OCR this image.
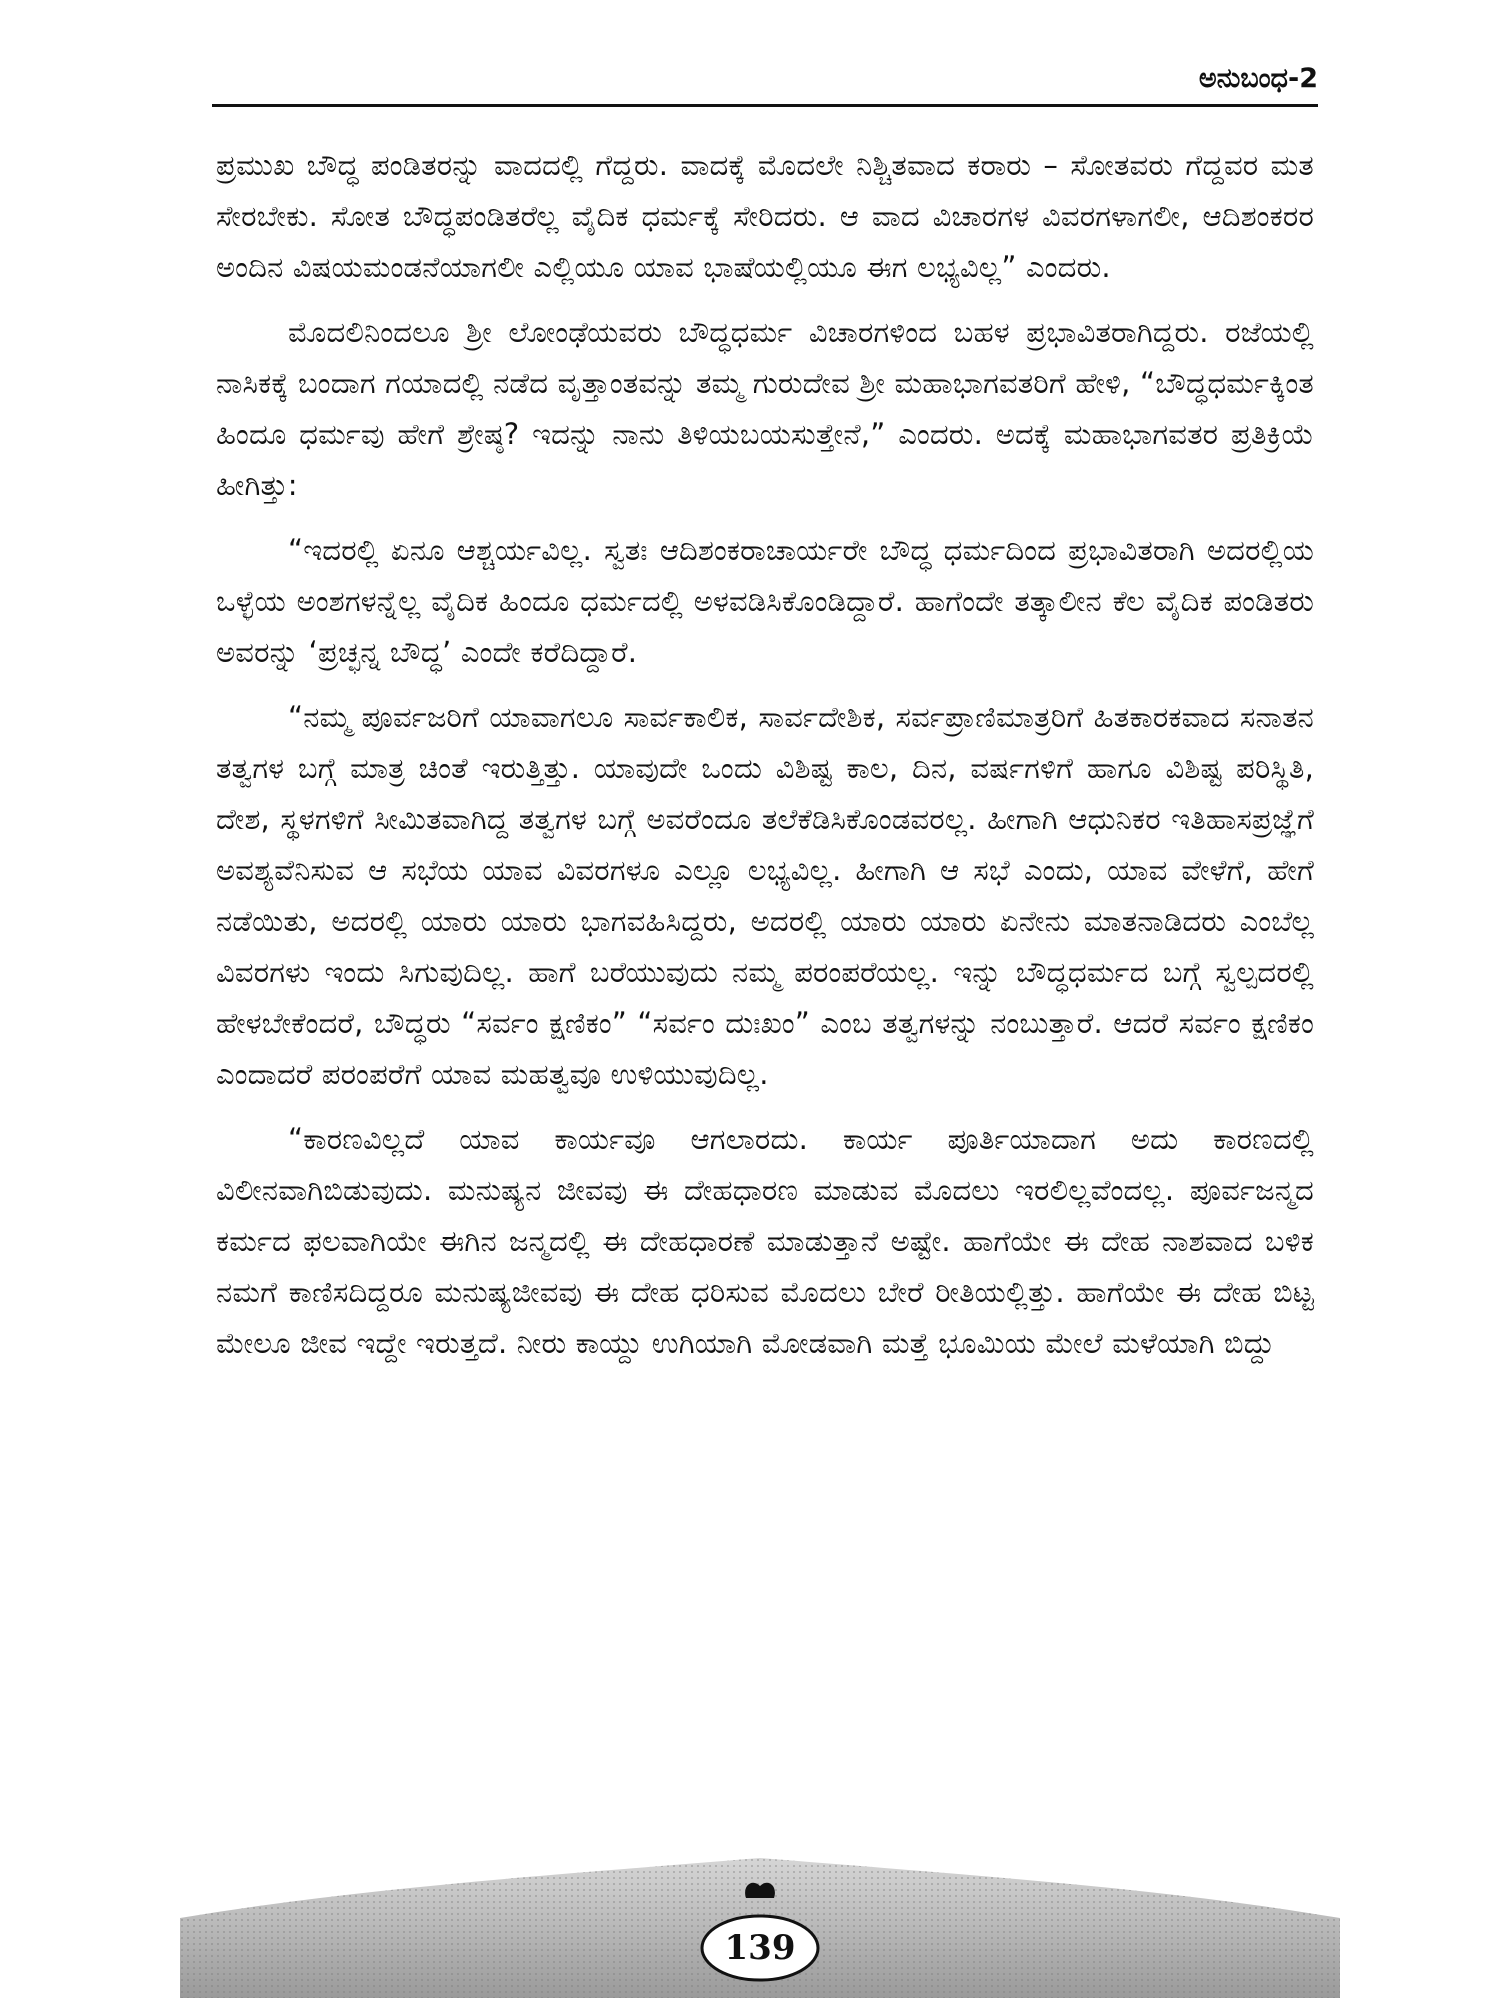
ಅನುಬಂಧ-2

ಪ್ರಮುಖ ಬೌದ್ಧ ಪಂಡಿತರನ್ನು ವಾದದಲ್ಲಿ ಗೆದ್ದರು. ವಾದಕ್ಕೆ ಮೊದಲೇ ನಿಶ್ಚಿತವಾದ ಕರಾರು – ಸೋತವರು ಗೆದ್ದವರ ಮತ ಸೇರಬೇಕು. ಸೋತ ಬೌದ್ಧಪಂಡಿತರೆಲ್ಲ ವೈದಿಕ ಧರ್ಮಕ್ಕೆ ಸೇರಿದರು. ಆ ವಾದ ವಿಚಾರಗಳ ವಿವರಗಳಾಗಲೀ, ಆದಿಶಂಕರರ ಅಂದಿನ ವಿಷಯಮಂಡನೆಯಾಗಲೀ ಎಲ್ಲಿಯೂ ಯಾವ ಭಾಷೆಯಲ್ಲಿಯೂ ಈಗ ಲಭ್ಯವಿಲ್ಲ” ಎಂದರು.

ಮೊದಲಿನಿಂದಲೂ ಶ್ರೀ ಲೋಂಢೆಯವರು ಬೌದ್ಧಧರ್ಮ ವಿಚಾರಗಳಿಂದ ಬಹಳ ಪ್ರಭಾವಿತರಾಗಿದ್ದರು. ರಜೆಯಲ್ಲಿ ನಾಸಿಕಕ್ಕೆ ಬಂದಾಗ ಗಯಾದಲ್ಲಿ ನಡೆದ ವೃತ್ತಾಂತವನ್ನು ತಮ್ಮ ಗುರುದೇವ ಶ್ರೀ ಮಹಾಭಾಗವತರಿಗೆ ಹೇಳಿ, “ಬೌದ್ಧಧರ್ಮಕ್ಕಿಂತ ಹಿಂದೂ ಧರ್ಮವು ಹೇಗೆ ಶ್ರೇಷ್ಠ? ಇದನ್ನು ನಾನು ತಿಳಿಯಬಯಸುತ್ತೇನೆ,” ಎಂದರು. ಅದಕ್ಕೆ ಮಹಾಭಾಗವತರ ಪ್ರತಿಕ್ರಿಯೆ ಹೀಗಿತ್ತು:

“ಇದರಲ್ಲಿ ಏನೂ ಆಶ್ಚರ್ಯವಿಲ್ಲ. ಸ್ವತಃ ಆದಿಶಂಕರಾಚಾರ್ಯರೇ ಬೌದ್ಧ ಧರ್ಮದಿಂದ ಪ್ರಭಾವಿತರಾಗಿ ಅದರಲ್ಲಿಯ ಒಳ್ಳೆಯ ಅಂಶಗಳನ್ನೆಲ್ಲ ವೈದಿಕ ಹಿಂದೂ ಧರ್ಮದಲ್ಲಿ ಅಳವಡಿಸಿಕೊಂಡಿದ್ದಾರೆ. ಹಾಗೆಂದೇ ತತ್ಕಾಲೀನ ಕೆಲ ವೈದಿಕ ಪಂಡಿತರು ಅವರನ್ನು ‘ಪ್ರಚ್ಛನ್ನ ಬೌದ್ಧ’ ಎಂದೇ ಕರೆದಿದ್ದಾರೆ.

“ನಮ್ಮ ಪೂರ್ವಜರಿಗೆ ಯಾವಾಗಲೂ ಸಾರ್ವಕಾಲಿಕ, ಸಾರ್ವದೇಶಿಕ, ಸರ್ವಪ್ರಾಣಿಮಾತ್ರರಿಗೆ ಹಿತಕಾರಕವಾದ ಸನಾತನ ತತ್ವಗಳ ಬಗ್ಗೆ ಮಾತ್ರ ಚಿಂತೆ ಇರುತ್ತಿತ್ತು. ಯಾವುದೇ ಒಂದು ವಿಶಿಷ್ಟ ಕಾಲ, ದಿನ, ವರ್ಷಗಳಿಗೆ ಹಾಗೂ ವಿಶಿಷ್ಟ ಪರಿಸ್ಥಿತಿ, ದೇಶ, ಸ್ಥಳಗಳಿಗೆ ಸೀಮಿತವಾಗಿದ್ದ ತತ್ವಗಳ ಬಗ್ಗೆ ಅವರೆಂದೂ ತಲೆಕೆಡಿಸಿಕೊಂಡವರಲ್ಲ. ಹೀಗಾಗಿ ಆಧುನಿಕರ ಇತಿಹಾಸಪ್ರಜ್ಞೆಗೆ ಅವಶ್ಯವೆನಿಸುವ ಆ ಸಭೆಯ ಯಾವ ವಿವರಗಳೂ ಎಲ್ಲೂ ಲಭ್ಯವಿಲ್ಲ. ಹೀಗಾಗಿ ಆ ಸಭೆ ಎಂದು, ಯಾವ ವೇಳೆಗೆ, ಹೇಗೆ ನಡೆಯಿತು, ಅದರಲ್ಲಿ ಯಾರು ಯಾರು ಭಾಗವಹಿಸಿದ್ದರು, ಅದರಲ್ಲಿ ಯಾರು ಯಾರು ಏನೇನು ಮಾತನಾಡಿದರು ಎಂಬೆಲ್ಲ ವಿವರಗಳು ಇಂದು ಸಿಗುವುದಿಲ್ಲ. ಹಾಗೆ ಬರೆಯುವುದು ನಮ್ಮ ಪರಂಪರೆಯಲ್ಲ. ಇನ್ನು ಬೌದ್ಧಧರ್ಮದ ಬಗ್ಗೆ ಸ್ವಲ್ಪದರಲ್ಲಿ ಹೇಳಬೇಕೆಂದರೆ, ಬೌದ್ಧರು “ಸರ್ವಂ ಕ್ಷಣಿಕಂ” “ಸರ್ವಂ ದುಃಖಂ” ಎಂಬ ತತ್ವಗಳನ್ನು ನಂಬುತ್ತಾರೆ. ಆದರೆ ಸರ್ವಂ ಕ್ಷಣಿಕಂ ಎಂದಾದರೆ ಪರಂಪರೆಗೆ ಯಾವ ಮಹತ್ವವೂ ಉಳಿಯುವುದಿಲ್ಲ.

“ಕಾರಣವಿಲ್ಲದೆ ಯಾವ ಕಾರ್ಯವೂ ಆಗಲಾರದು. ಕಾರ್ಯ ಪೂರ್ತಿಯಾದಾಗ ಅದು ಕಾರಣದಲ್ಲಿ ವಿಲೀನವಾಗಿಬಿಡುವುದು. ಮನುಷ್ಯನ ಜೀವವು ಈ ದೇಹಧಾರಣ ಮಾಡುವ ಮೊದಲು ಇರಲಿಲ್ಲವೆಂದಲ್ಲ. ಪೂರ್ವಜನ್ಮದ ಕರ್ಮದ ಫಲವಾಗಿಯೇ ಈಗಿನ ಜನ್ಮದಲ್ಲಿ ಈ ದೇಹಧಾರಣೆ ಮಾಡುತ್ತಾನೆ ಅಷ್ಟೇ. ಹಾಗೆಯೇ ಈ ದೇಹ ನಾಶವಾದ ಬಳಿಕ ನಮಗೆ ಕಾಣಿಸದಿದ್ದರೂ ಮನುಷ್ಯಜೀವವು ಈ ದೇಹ ಧರಿಸುವ ಮೊದಲು ಬೇರೆ ರೀತಿಯಲ್ಲಿತ್ತು. ಹಾಗೆಯೇ ಈ ದೇಹ ಬಿಟ್ಟ ಮೇಲೂ ಜೀವ ಇದ್ದೇ ಇರುತ್ತದೆ. ನೀರು ಕಾಯ್ದು ಉಗಿಯಾಗಿ ಮೋಡವಾಗಿ ಮತ್ತೆ ಭೂಮಿಯ ಮೇಲೆ ಮಳೆಯಾಗಿ ಬಿದ್ದು

139
